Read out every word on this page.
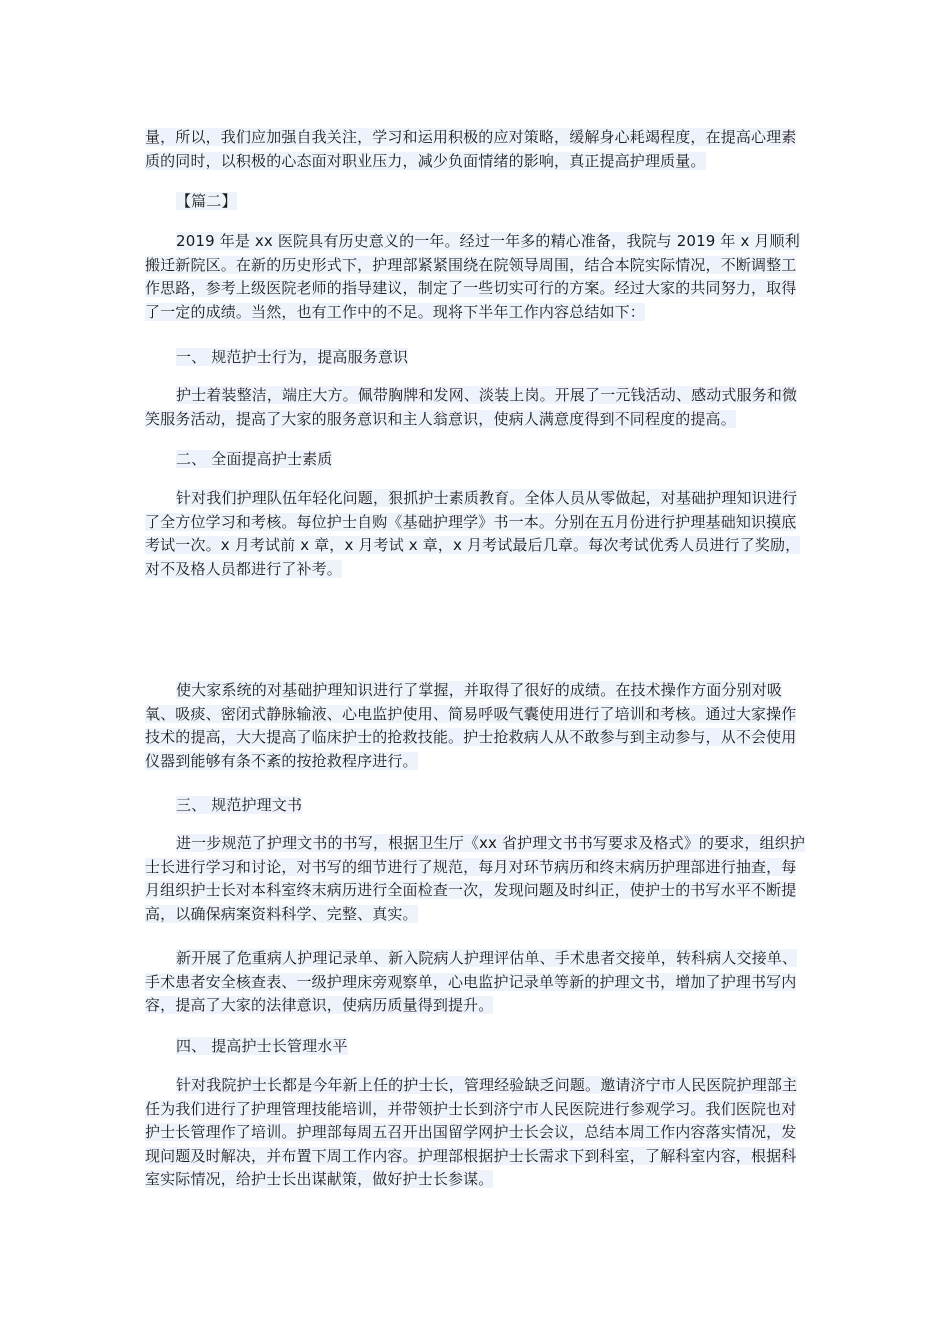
量，所以，我们应加强自我关注，学习和运用积极的应对策略，缓解身心耗竭程度，在提高心理素质的同时，以积极的心态面对职业压力，减少负面情绪的影响，真正提高护理质量。

【篇二】

2019 年是 xx 医院具有历史意义的一年。经过一年多的精心准备，我院与 2019 年 x 月顺利搬迁新院区。在新的历史形式下，护理部紧紧围绕在院领导周围，结合本院实际情况，不断调整工作思路，参考上级医院老师的指导建议，制定了一些切实可行的方案。经过大家的共同努力，取得了一定的成绩。当然，也有工作中的不足。现将下半年工作内容总结如下：

一、 规范护士行为，提高服务意识

护士着装整洁，端庄大方。佩带胸牌和发网、淡装上岗。开展了一元钱活动、感动式服务和微笑服务活动，提高了大家的服务意识和主人翁意识，使病人满意度得到不同程度的提高。

二、 全面提高护士素质

针对我们护理队伍年轻化问题，狠抓护士素质教育。全体人员从零做起，对基础护理知识进行了全方位学习和考核。每位护士自购《基础护理学》书一本。分别在五月份进行护理基础知识摸底考试一次。x 月考试前 x 章，x 月考试 x 章，x 月考试最后几章。每次考试优秀人员进行了奖励，对不及格人员都进行了补考。

使大家系统的对基础护理知识进行了掌握，并取得了很好的成绩。在技术操作方面分别对吸氧、吸痰、密闭式静脉输液、心电监护使用、简易呼吸气囊使用进行了培训和考核。通过大家操作技术的提高，大大提高了临床护士的抢救技能。护士抢救病人从不敢参与到主动参与，从不会使用仪器到能够有条不紊的按抢救程序进行。

三、 规范护理文书

进一步规范了护理文书的书写，根据卫生厅《xx 省护理文书书写要求及格式》的要求，组织护士长进行学习和讨论，对书写的细节进行了规范，每月对环节病历和终末病历护理部进行抽查，每月组织护士长对本科室终末病历进行全面检查一次，发现问题及时纠正，使护士的书写水平不断提高，以确保病案资料科学、完整、真实。

新开展了危重病人护理记录单、新入院病人护理评估单、手术患者交接单，转科病人交接单、手术患者安全核查表、一级护理床旁观察单，心电监护记录单等新的护理文书，增加了护理书写内容，提高了大家的法律意识，使病历质量得到提升。

四、 提高护士长管理水平

针对我院护士长都是今年新上任的护士长，管理经验缺乏问题。邀请济宁市人民医院护理部主任为我们进行了护理管理技能培训，并带领护士长到济宁市人民医院进行参观学习。我们医院也对护士长管理作了培训。护理部每周五召开出国留学网护士长会议，总结本周工作内容落实情况，发现问题及时解决，并布置下周工作内容。护理部根据护士长需求下到科室，了解科室内容，根据科室实际情况，给护士长出谋献策，做好护士长参谋。
